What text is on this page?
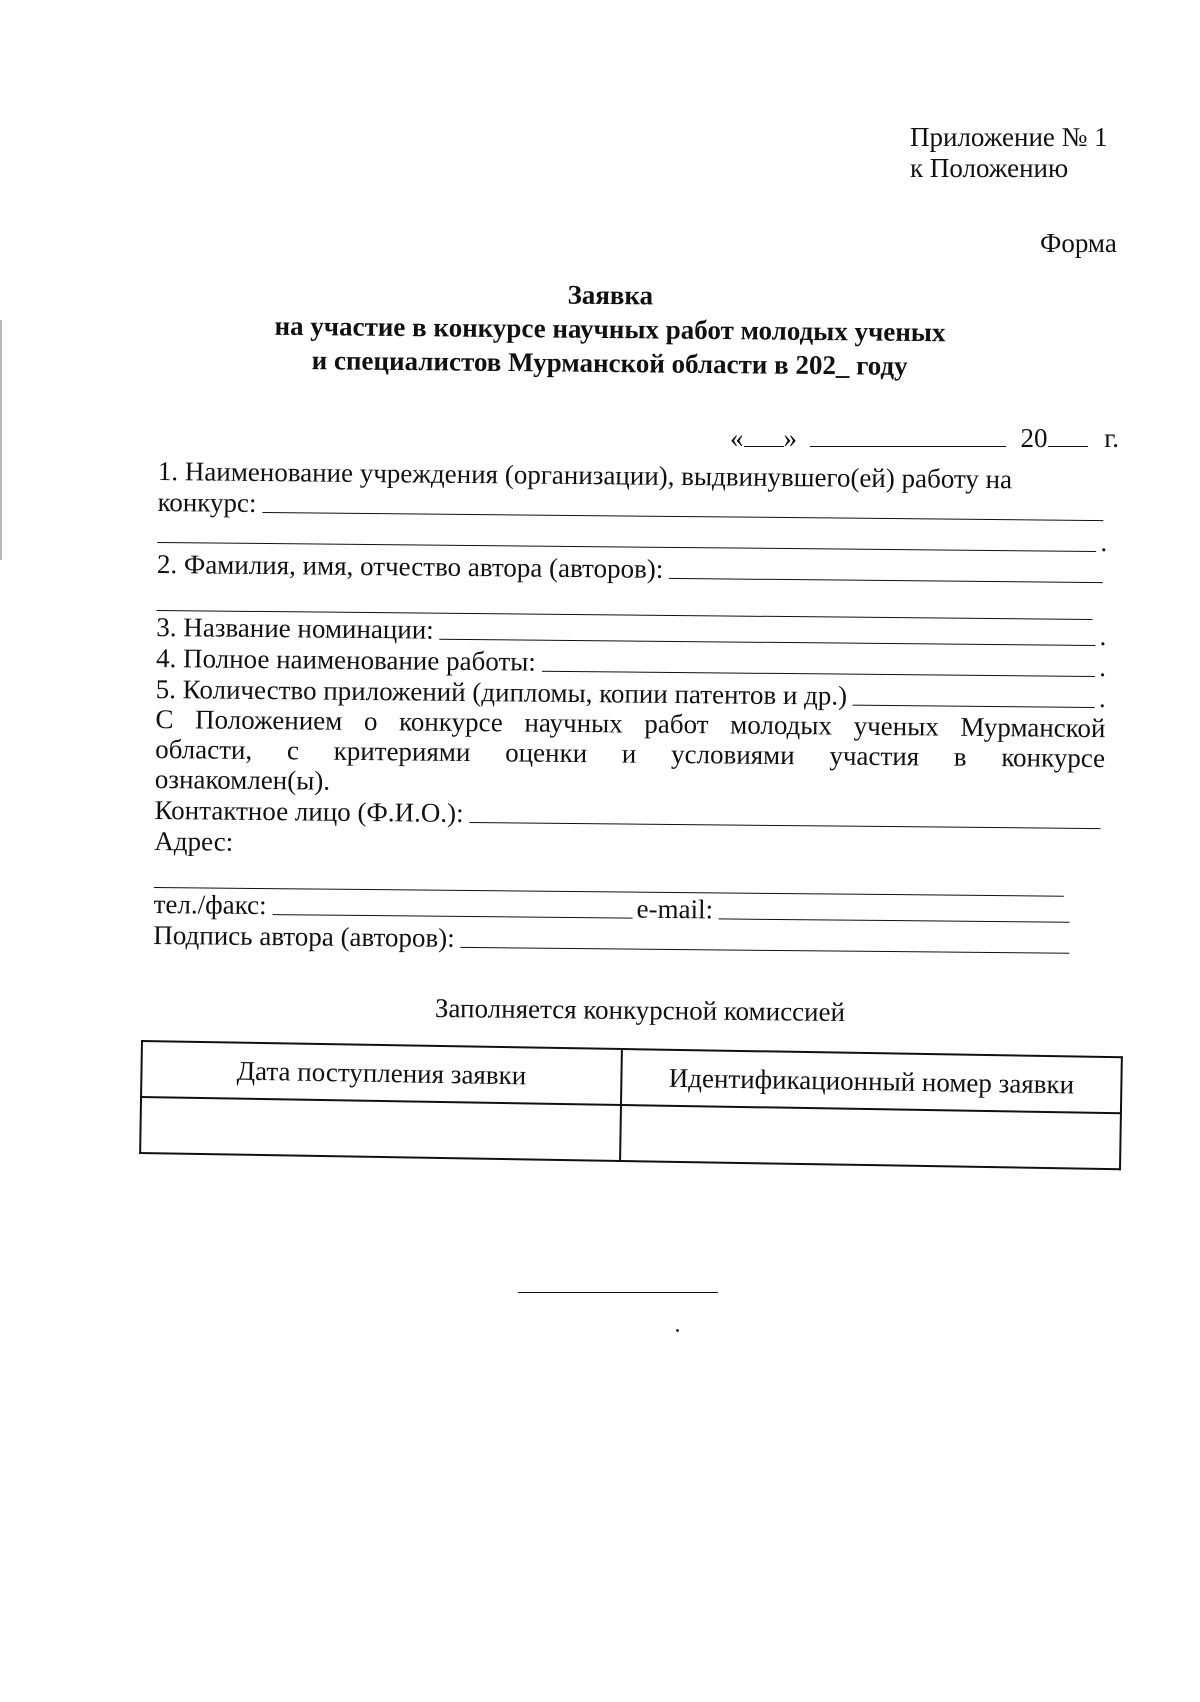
Приложение № 1
к Положению
Форма
Заявка
на участие в конкурсе научных работ молодых ученых
и специалистов Мурманской области в 202_ году
« »	20 г.
1. Наименование учреждения (организации), выдвинувшего(ей) работу на
конкурс:
.
2. Фамилия, имя, отчество автора (авторов):
3. Название номинации:	.
4. Полное наименование работы:	.
5. Количество приложений (дипломы, копии патентов и др.)	.
С Положением о конкурсе научных работ молодых ученых Мурманской
области, с критериями оценки и условиями участия в конкурсе
ознакомлен(ы).
Контактное лицо (Ф.И.О.):
Адрес:
тел./факс:	e-mail:
Подпись автора (авторов):
Заполняется конкурсной комиссией
Дата поступления заявки	Идентификационный номер заявки
